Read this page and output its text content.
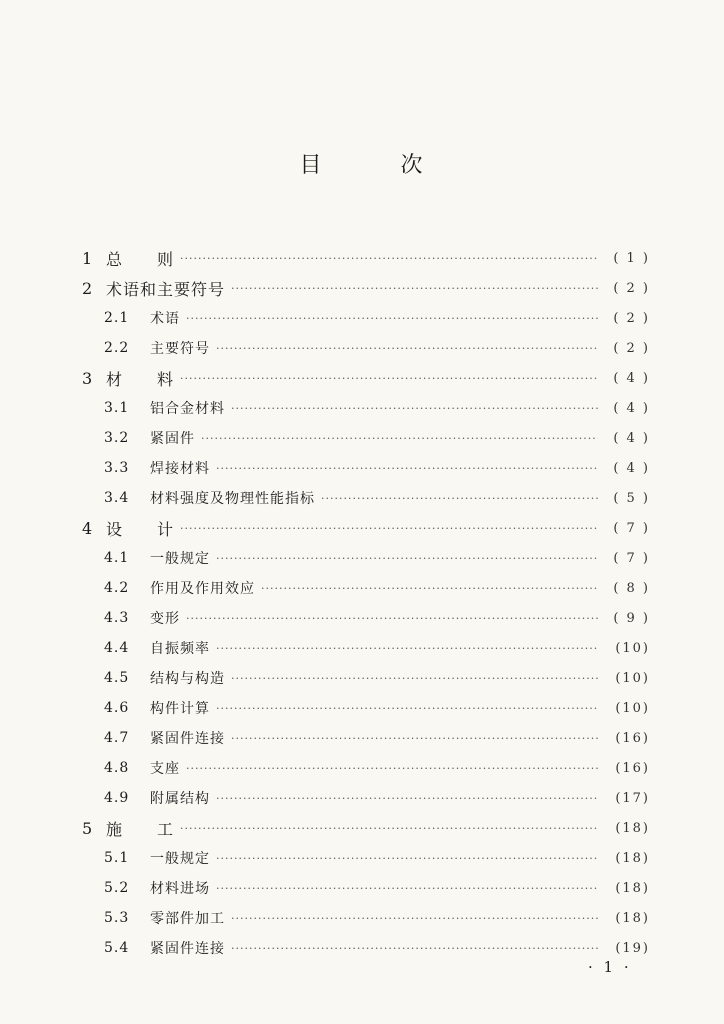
目	次
1 总　　则 ·····	( 1 )
2 术语和主要符号 ·····	( 2 )
2.1	术语 ·····	( 2 )
2.2	主要符号 ·····	( 2 )
3 材　　料 ·····	( 4 )
3.1	铝合金材料 ·····	( 4 )
3.2	紧固件 ·····	( 4 )
3.3	焊接材料 ·····	( 4 )
3.4	材料强度及物理性能指标 ·····	( 5 )
4 设　　计 ·····	( 7 )
4.1	一般规定 ·····	( 7 )
4.2	作用及作用效应 ·····	( 8 )
4.3	变形 ·····	( 9 )
4.4	自振频率 ·····	(10)
4.5	结构与构造 ·····	(10)
4.6	构件计算 ·····	(10)
4.7	紧固件连接 ·····	(16)
4.8	支座 ·····	(16)
4.9	附属结构 ·····	(17)
5 施　　工 ·····	(18)
5.1	一般规定 ·····	(18)
5.2	材料进场 ·····	(18)
5.3	零部件加工 ·····	(18)
5.4	紧固件连接 ·····	(19)
· 1 ·
